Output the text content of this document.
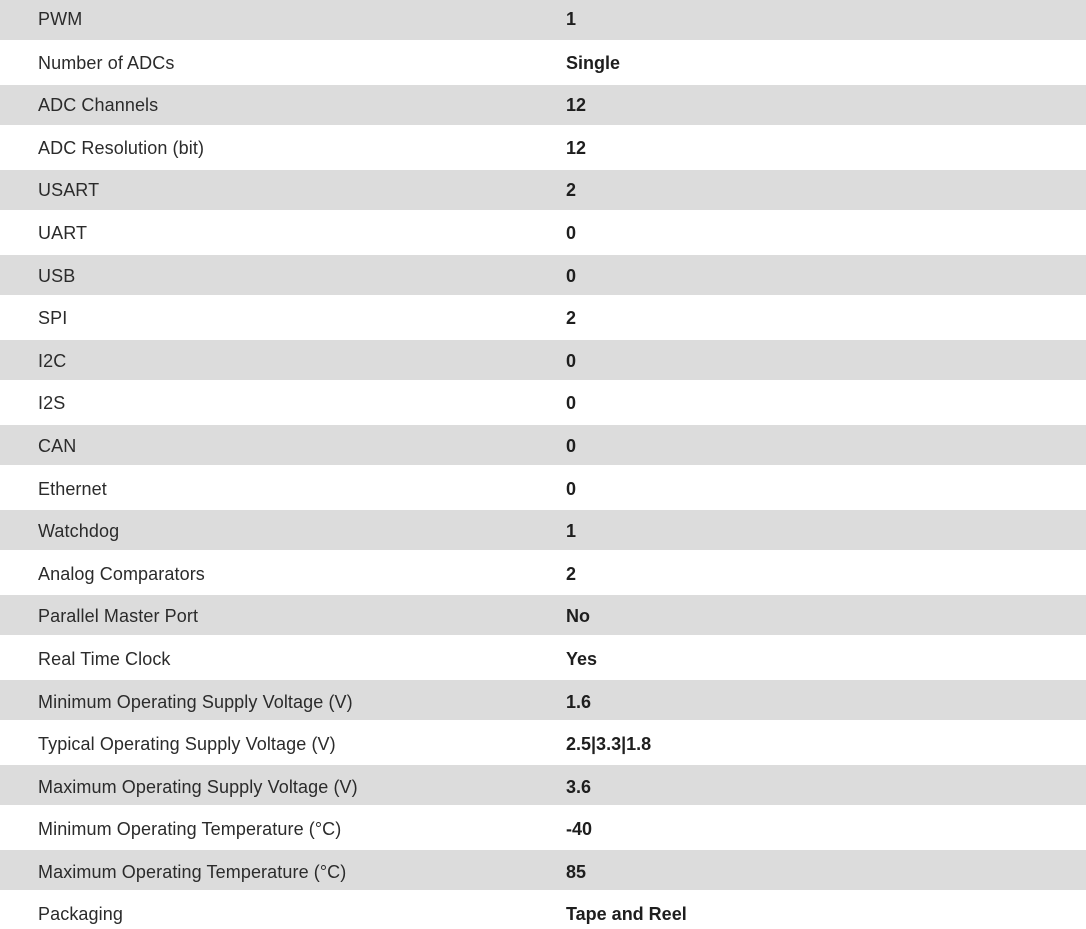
PWM	1
Number of ADCs	Single
ADC Channels	12
ADC Resolution (bit)	12
USART	2
UART	0
USB	0
SPI	2
I2C	0
I2S	0
CAN	0
Ethernet	0
Watchdog	1
Analog Comparators	2
Parallel Master Port	No
Real Time Clock	Yes
Minimum Operating Supply Voltage (V)	1.6
Typical Operating Supply Voltage (V)	2.5|3.3|1.8
Maximum Operating Supply Voltage (V)	3.6
Minimum Operating Temperature (°C)	-40
Maximum Operating Temperature (°C)	85
Packaging	Tape and Reel
